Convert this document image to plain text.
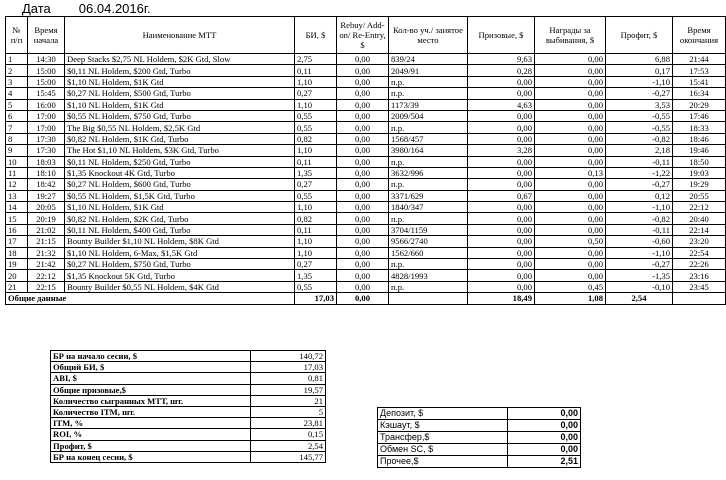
Дата 06.04.2016г.
№ п/п	Время начала	Наименование МТТ	БИ, $	Rebuy/ Add-on/ Re-Entry, $	Кол-во уч./ занятое место	Призовые, $	Награды за выбивания, $	Профит, $	Время окончания
1	14:30	Deep Stacks $2,75 NL Holdem, $2K Gtd, Slow	2,75	0,00	839/24	9,63	0,00	6,88	21:44
2	15:00	$0,11 NL Holdem, $200 Gtd, Turbo	0,11	0,00	2049/91	0,28	0,00	0,17	17:53
3	15:00	$1,10 NL Holdem, $1K Gtd	1,10	0,00	п.р.	0,00	0,00	-1,10	15:41
4	15:45	$0,27 NL Holdem, $500 Gtd, Turbo	0,27	0,00	п.р.	0,00	0,00	-0,27	16:34
5	16:00	$1,10 NL Holdem, $1K Gtd	1,10	0,00	1173/39	4,63	0,00	3,53	20:29
6	17:00	$0,55 NL Holdem, $750 Gtd, Turbo	0,55	0,00	2009/504	0,00	0,00	-0,55	17:46
7	17:00	The Big $0,55 NL Holdem, $2,5K Gtd	0,55	0,00	п.р.	0,00	0,00	-0,55	18:33
8	17:30	$0,82 NL Holdem, $1K Gtd, Turbo	0,82	0,00	1568/457	0,00	0,00	-0,82	18:46
9	17:30	The Hot $1,10 NL Holdem, $3K Gtd, Turbo	1,10	0,00	3980/164	3,28	0,00	2,18	19:46
10	18:03	$0,11 NL Holdem, $250 Gtd, Turbo	0,11	0,00	п.р.	0,00	0,00	-0,11	18:50
11	18:10	$1,35 Knockout 4K Gtd, Turbo	1,35	0,00	3632/996	0,00	0,13	-1,22	19:03
12	18:42	$0,27 NL Holdem, $600 Gtd, Turbo	0,27	0,00	п.р.	0,00	0,00	-0,27	19:29
13	19:27	$0,55 NL Holdem, $1,5K Gtd, Turbo	0,55	0,00	3371/629	0,67	0,00	0,12	20:55
14	20:05	$1,10 NL Holdem, $1K Gtd	1,10	0,00	1840/347	0,00	0,00	-1,10	22:12
15	20:19	$0,82 NL Holdem, $2K Gtd, Turbo	0,82	0,00	п.р.	0,00	0,00	-0,82	20:40
16	21:02	$0,11 NL Holdem, $400 Gtd, Turbo	0,11	0,00	3704/1159	0,00	0,00	-0,11	22:14
17	21:15	Bounty Builder $1,10 NL Holdem, $8K Gtd	1,10	0,00	9566/2740	0,00	0,50	-0,60	23:20
18	21:32	$1,10 NL Holdem, 6-Max, $1,5K Gtd	1,10	0,00	1562/660	0,00	0,00	-1,10	22:54
19	21:42	$0,27 NL Holdem, $750 Gtd, Turbo	0,27	0,00	п.р.	0,00	0,00	-0,27	22:26
20	22:12	$1,35 Knockout 5K Gtd, Turbo	1,35	0,00	4828/1993	0,00	0,00	-1,35	23:16
21	22:15	Bounty Builder $0,55 NL Holdem, $4K Gtd	0,55	0,00	п.р.	0,00	0,45	-0,10	23:45
Общие данные			17,03	0,00		18,49	1,08	2,54	
БР на начало сесии, $	140,72
Общий БИ, $	17,03
ABI, $	0,81
Общие призовые,$	19,57
Количество сыгранных МТТ, шт.	21
Количество ITM, шт.	5
ITM, %	23,81
ROI, %	0,15
Профит, $	2,54
БР на конец сесии, $	145,77
Депозит, $	0,00
Кэшаут, $	0,00
Трансфер,$	0,00
Обмен SC, $	0,00
Прочее,$	2,51
